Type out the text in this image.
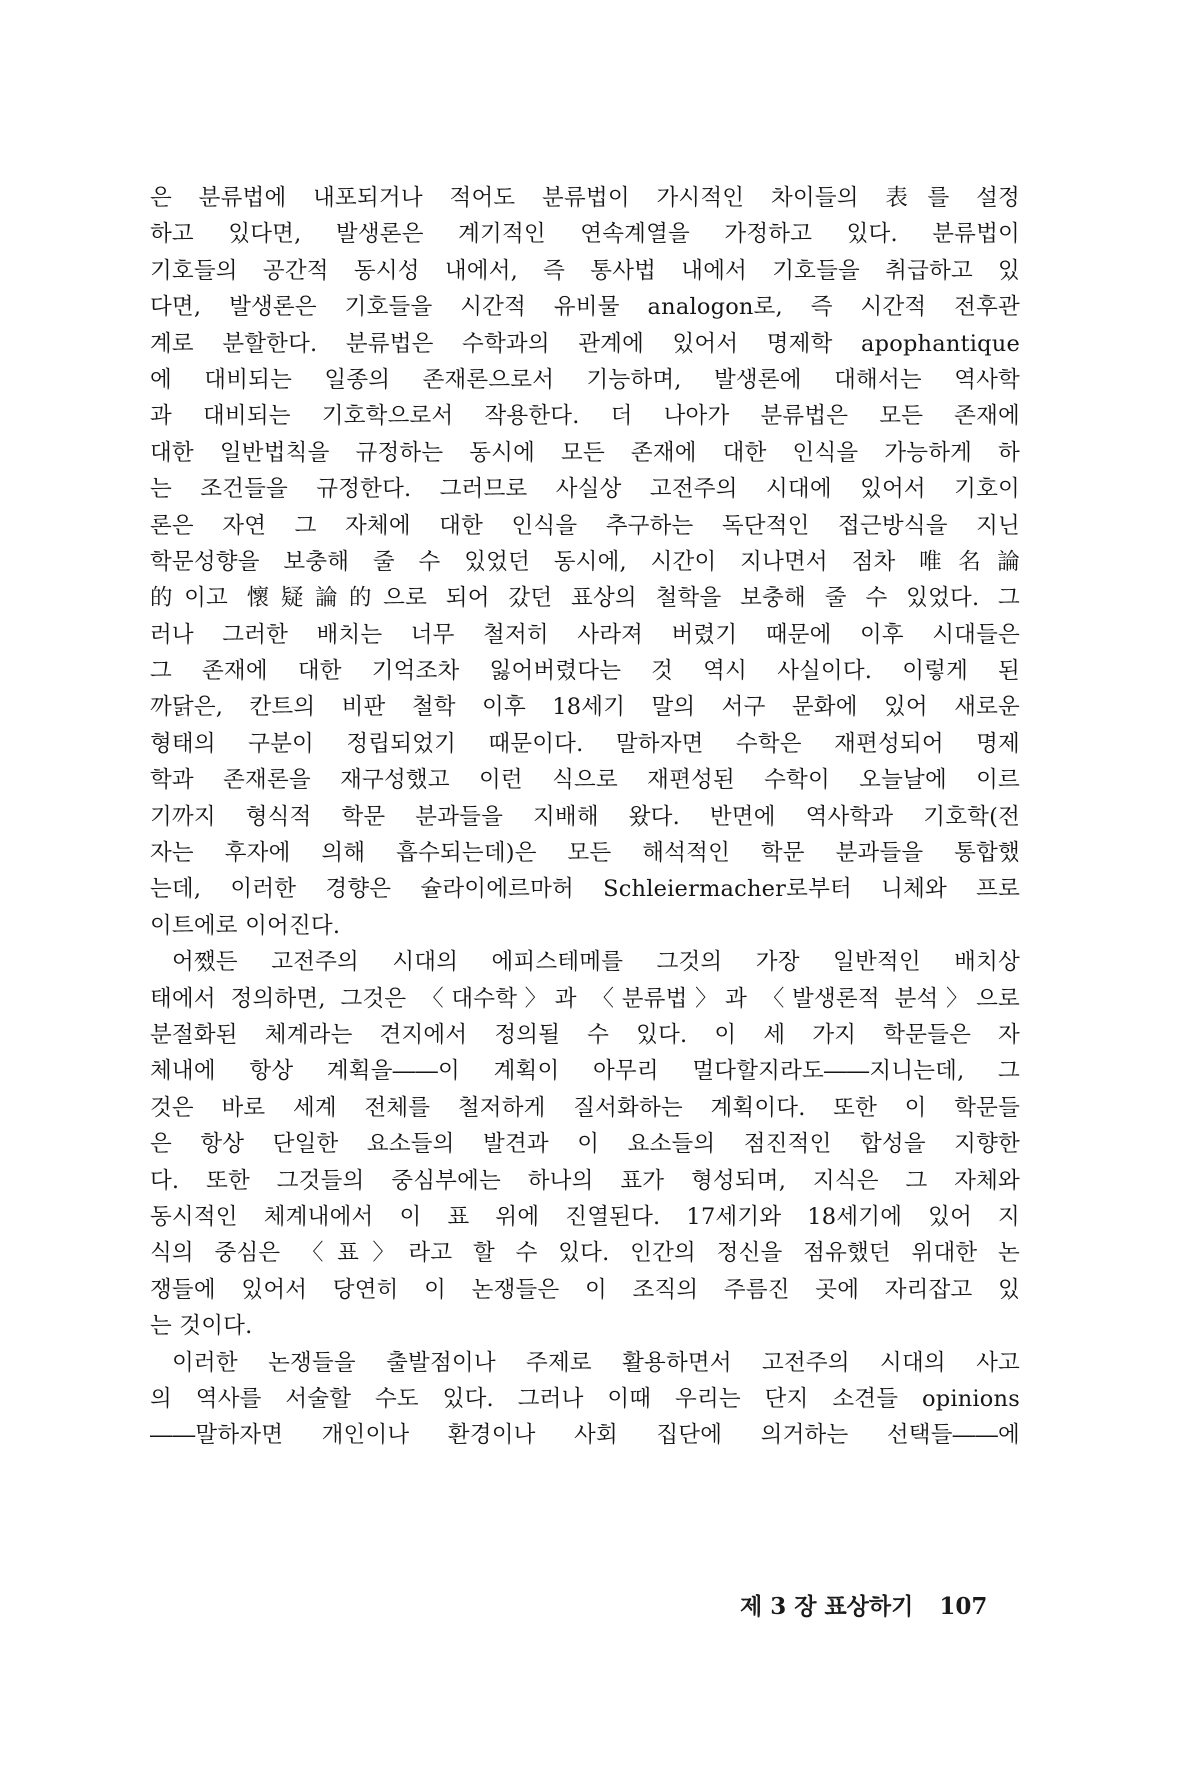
은 분류법에 내포되거나 적어도 분류법이 가시적인 차이들의 表를 설정
하고 있다면, 발생론은 계기적인 연속계열을 가정하고 있다. 분류법이
기호들의 공간적 동시성 내에서, 즉 통사법 내에서 기호들을 취급하고 있
다면, 발생론은 기호들을 시간적 유비물 analogon로, 즉 시간적 전후관
계로 분할한다. 분류법은 수학과의 관계에 있어서 명제학 apophantique
에 대비되는 일종의 존재론으로서 기능하며, 발생론에 대해서는 역사학
과 대비되는 기호학으로서 작용한다. 더 나아가 분류법은 모든 존재에
대한 일반법칙을 규정하는 동시에 모든 존재에 대한 인식을 가능하게 하
는 조건들을 규정한다. 그러므로 사실상 고전주의 시대에 있어서 기호이
론은 자연 그 자체에 대한 인식을 추구하는 독단적인 접근방식을 지닌
학문성향을 보충해 줄 수 있었던 동시에, 시간이 지나면서 점차 唯名論
的이고 懷疑論的으로 되어 갔던 표상의 철학을 보충해 줄 수 있었다. 그
러나 그러한 배치는 너무 철저히 사라져 버렸기 때문에 이후 시대들은
그 존재에 대한 기억조차 잃어버렸다는 것 역시 사실이다. 이렇게 된
까닭은, 칸트의 비판 철학 이후 18세기 말의 서구 문화에 있어 새로운
형태의 구분이 정립되었기 때문이다. 말하자면 수학은 재편성되어 명제
학과 존재론을 재구성했고 이런 식으로 재편성된 수학이 오늘날에 이르
기까지 형식적 학문 분과들을 지배해 왔다. 반면에 역사학과 기호학(전
자는 후자에 의해 흡수되는데)은 모든 해석적인 학문 분과들을 통합했
는데, 이러한 경향은 슐라이에르마허 Schleiermacher로부터 니체와 프로
이트에로 이어진다.
어쨌든 고전주의 시대의 에피스테메를 그것의 가장 일반적인 배치상
태에서 정의하면, 그것은 〈대수학〉과 〈분류법〉과 〈발생론적 분석〉으로
분절화된 체계라는 견지에서 정의될 수 있다. 이 세 가지 학문들은 자
체내에 항상 계획을――이 계획이 아무리 멀다할지라도――지니는데, 그
것은 바로 세계 전체를 철저하게 질서화하는 계획이다. 또한 이 학문들
은 항상 단일한 요소들의 발견과 이 요소들의 점진적인 합성을 지향한
다. 또한 그것들의 중심부에는 하나의 표가 형성되며, 지식은 그 자체와
동시적인 체계내에서 이 표 위에 진열된다. 17세기와 18세기에 있어 지
식의 중심은 〈표〉라고 할 수 있다. 인간의 정신을 점유했던 위대한 논
쟁들에 있어서 당연히 이 논쟁들은 이 조직의 주름진 곳에 자리잡고 있
는 것이다.
이러한 논쟁들을 출발점이나 주제로 활용하면서 고전주의 시대의 사고
의 역사를 서술할 수도 있다. 그러나 이때 우리는 단지 소견들 opinions
――말하자면 개인이나 환경이나 사회 집단에 의거하는 선택들――에
제 3 장 표상하기 107
